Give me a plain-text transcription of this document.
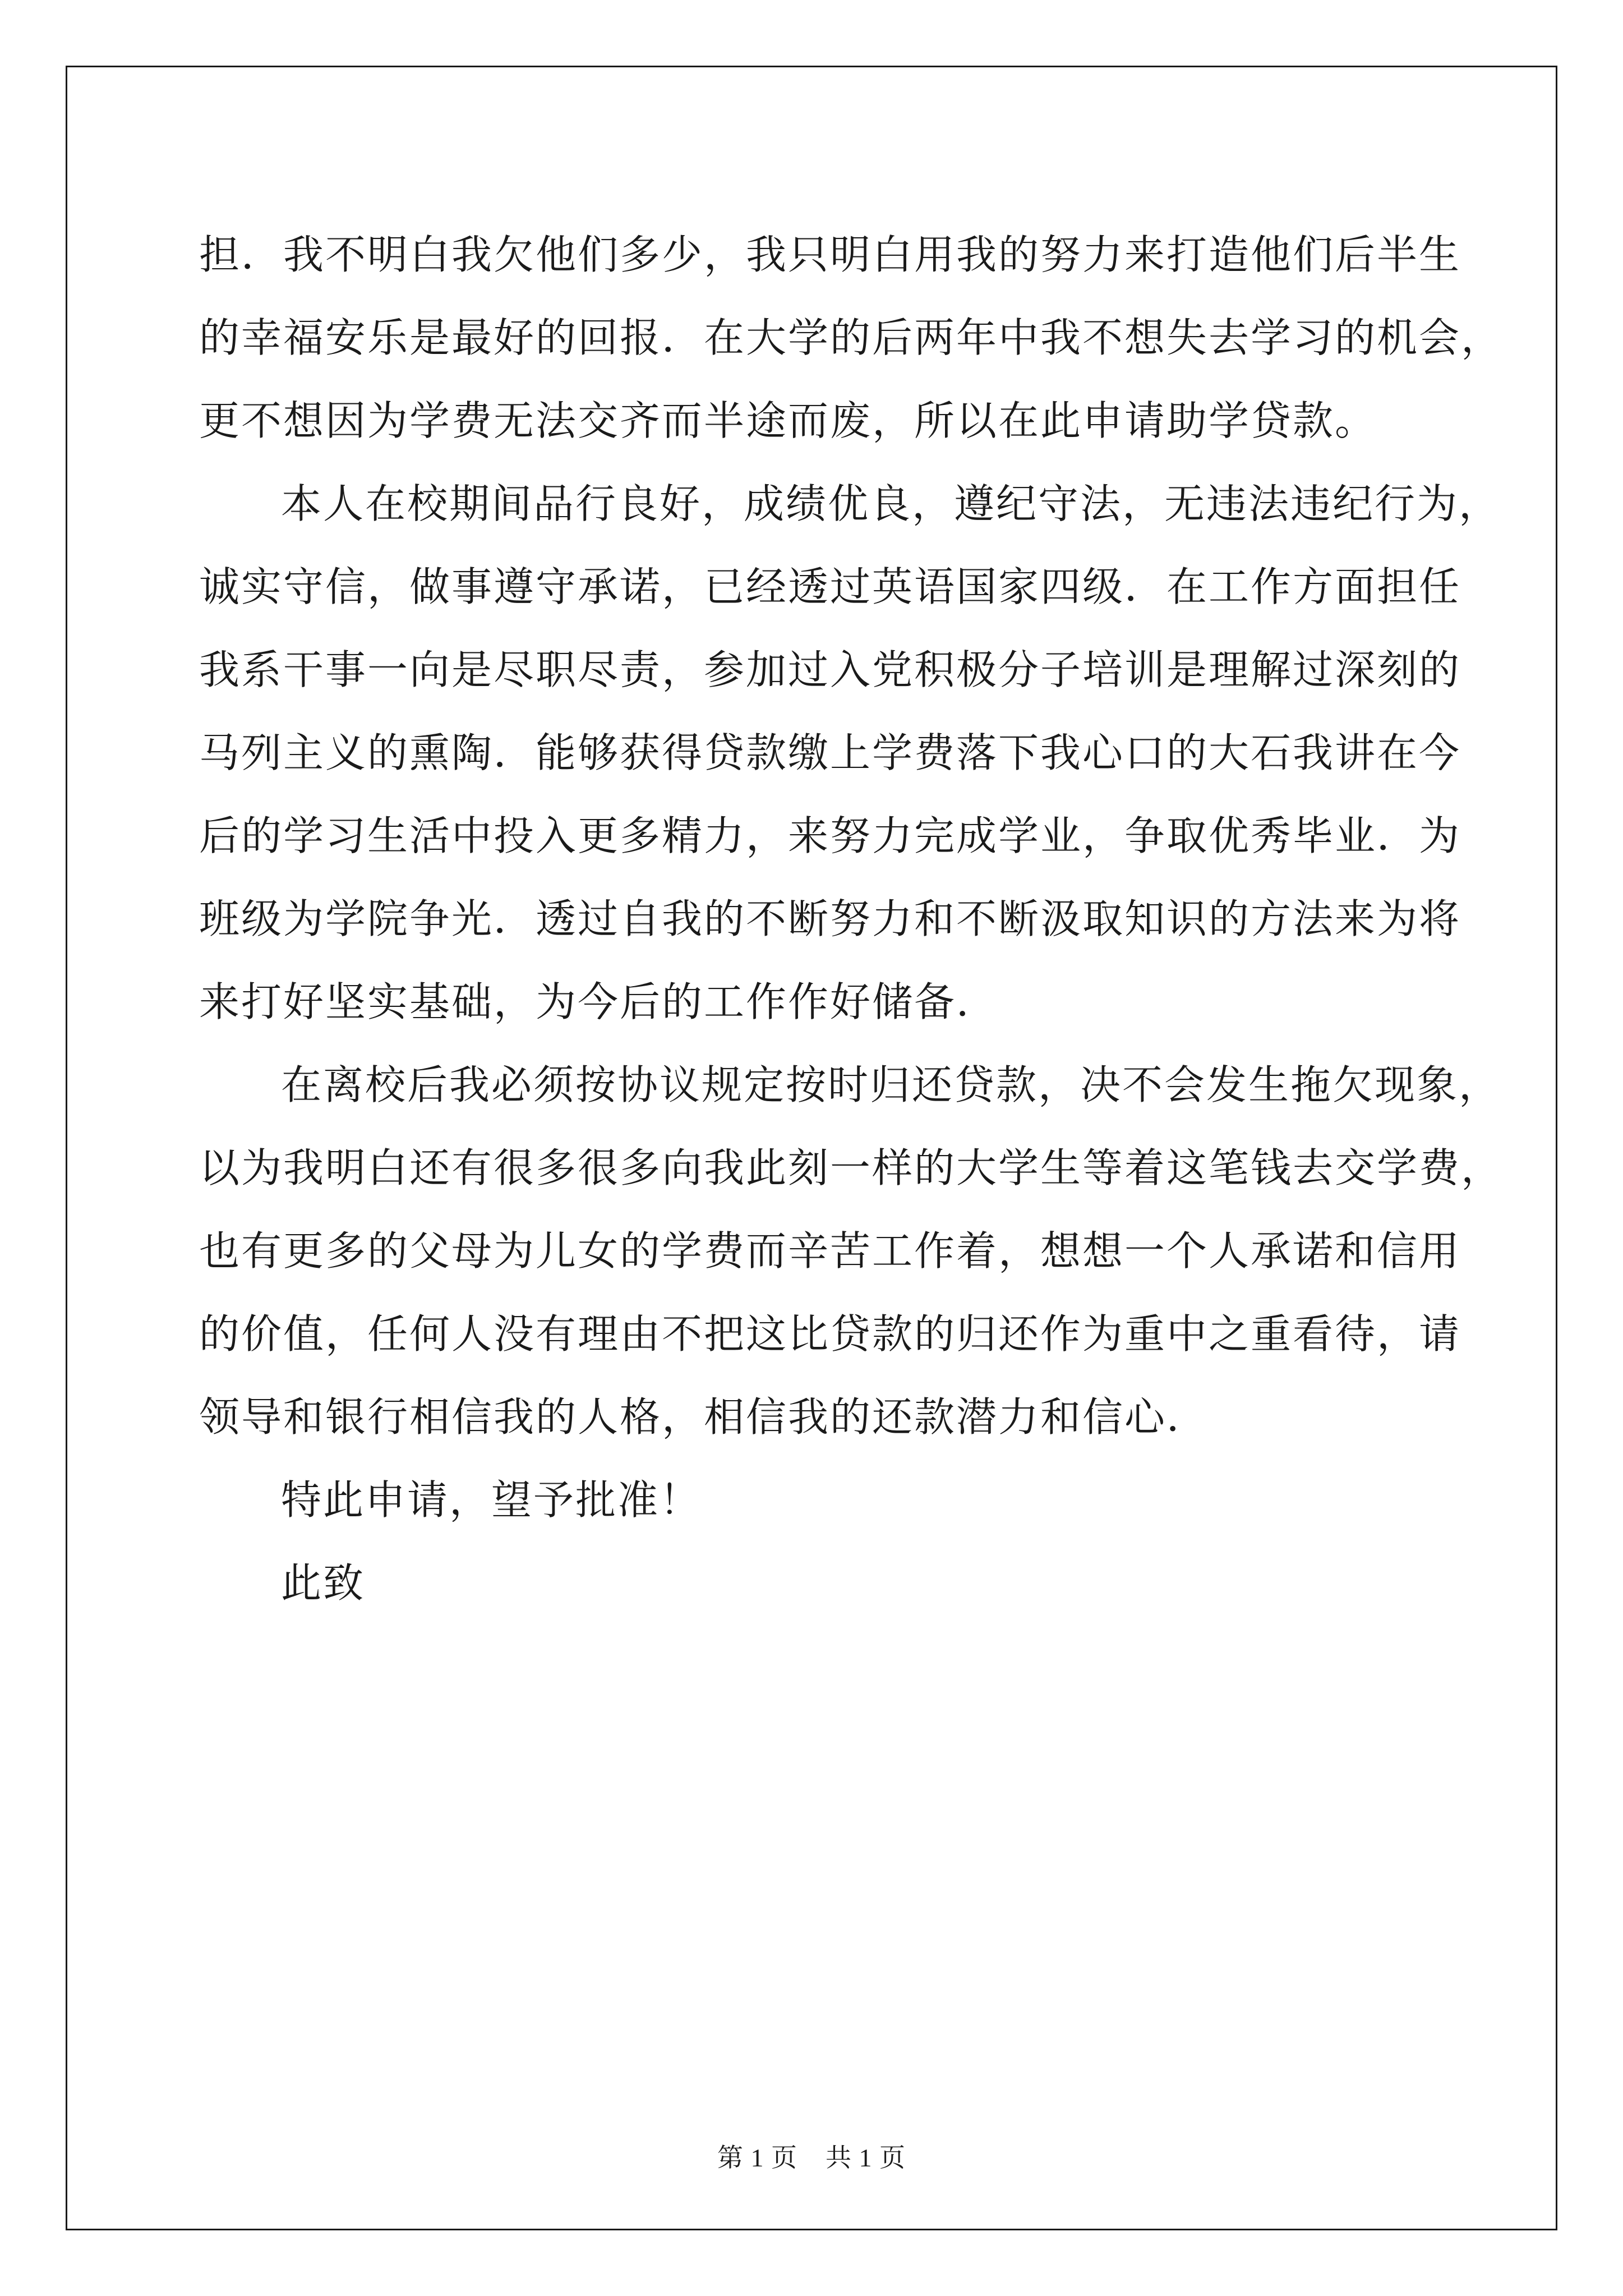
担．我不明白我欠他们多少，我只明白用我的努力来打造他们后半生
的幸福安乐是最好的回报．在大学的后两年中我不想失去学习的机会，
更不想因为学费无法交齐而半途而废，所以在此申请助学贷款。
本人在校期间品行良好，成绩优良，遵纪守法，无违法违纪行为，
诚实守信，做事遵守承诺，已经透过英语国家四级．在工作方面担任
我系干事一向是尽职尽责，参加过入党积极分子培训是理解过深刻的
马列主义的熏陶．能够获得贷款缴上学费落下我心口的大石我讲在今
后的学习生活中投入更多精力，来努力完成学业，争取优秀毕业．为
班级为学院争光．透过自我的不断努力和不断汲取知识的方法来为将
来打好坚实基础，为今后的工作作好储备．
在离校后我必须按协议规定按时归还贷款，决不会发生拖欠现象，
以为我明白还有很多很多向我此刻一样的大学生等着这笔钱去交学费，
也有更多的父母为儿女的学费而辛苦工作着，想想一个人承诺和信用
的价值，任何人没有理由不把这比贷款的归还作为重中之重看待，请
领导和银行相信我的人格，相信我的还款潜力和信心．
特此申请，望予批准！
此致
第 1 页 共 1 页
